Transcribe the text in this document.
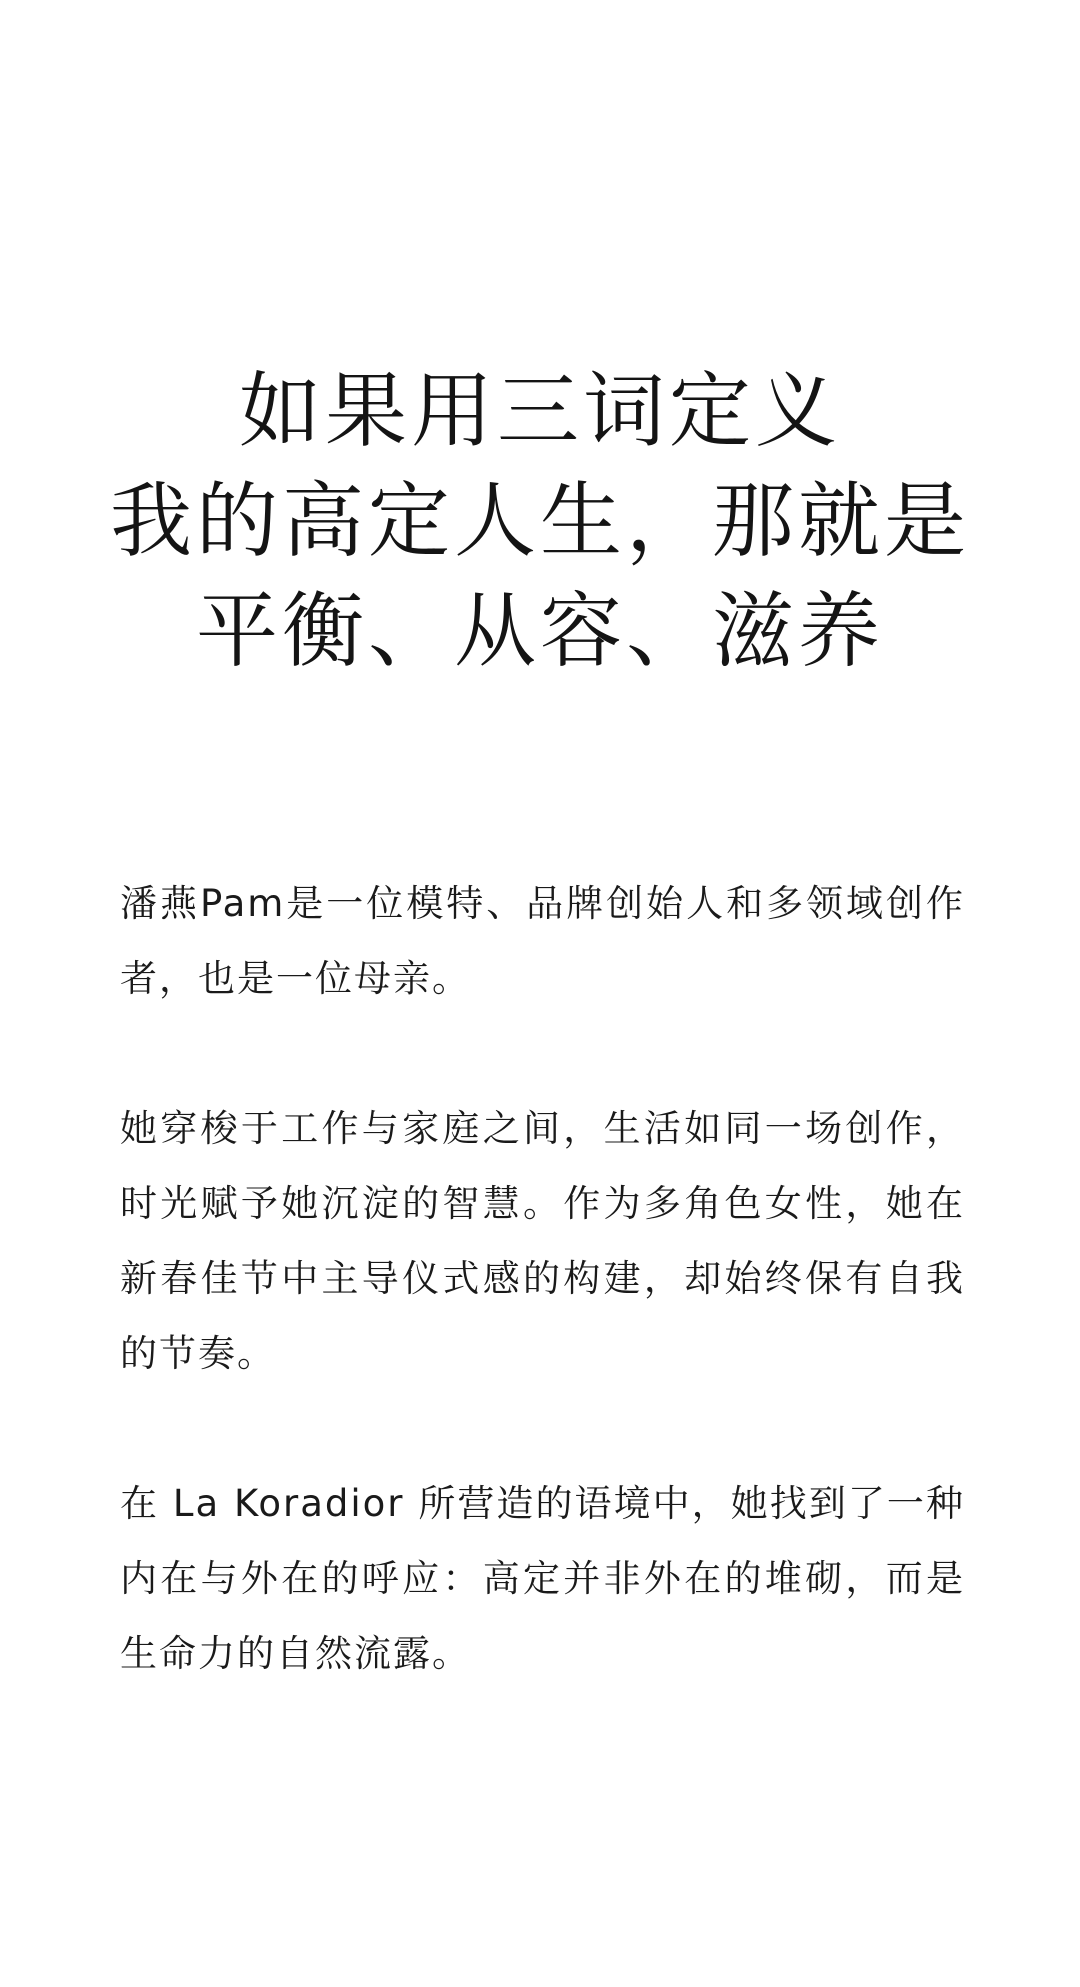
如果用三词定义
我的高定人生，那就是
平衡、从容、滋养

潘燕Pam是一位模特、品牌创始人和多领域创作者，也是一位母亲。

她穿梭于工作与家庭之间，生活如同一场创作，时光赋予她沉淀的智慧。作为多角色女性，她在新春佳节中主导仪式感的构建，却始终保有自我的节奏。

在 La Koradior 所营造的语境中，她找到了一种内在与外在的呼应：高定并非外在的堆砌，而是生命力的自然流露。
